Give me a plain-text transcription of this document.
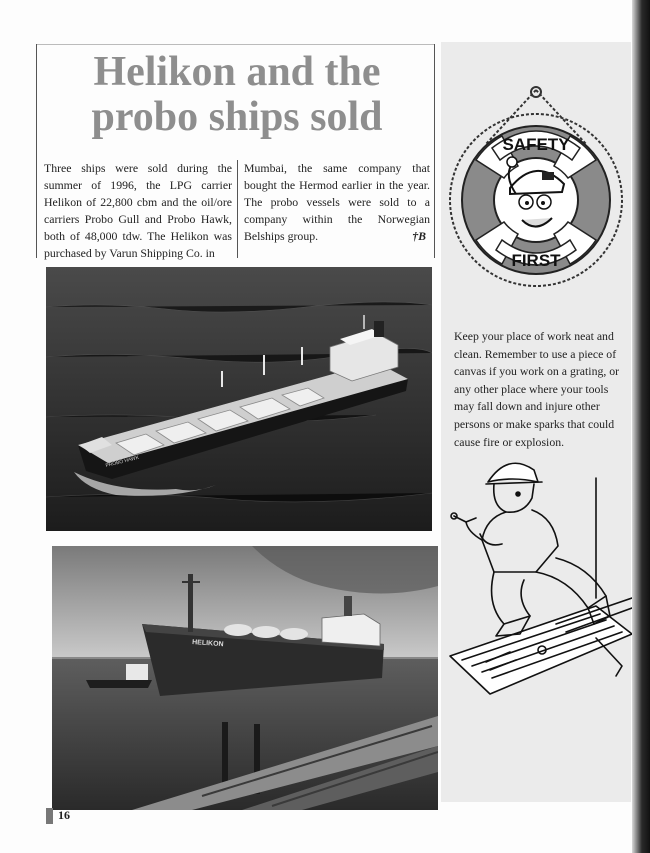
Helikon and the
probo ships sold
Three ships were sold during the summer of 1996, the LPG carrier Helikon of 22,800 cbm and the oil/ore carriers Probo Gull and Probo Hawk, both of 48,000 tdw. The Helikon was purchased by Varun Shipping Co. in
Mumbai, the same company that bought the Hermod earlier in the year. The probo vessels were sold to a company within the Norwegian Belships group.	†B
PROBO HAWK
HELIKON
SAFETY
FIRST
Keep your place of work neat and clean. Remember to use a piece of canvas if you work on a grating, or any other place where your tools may fall down and injure other persons or make sparks that could cause fire or explosion.
16
